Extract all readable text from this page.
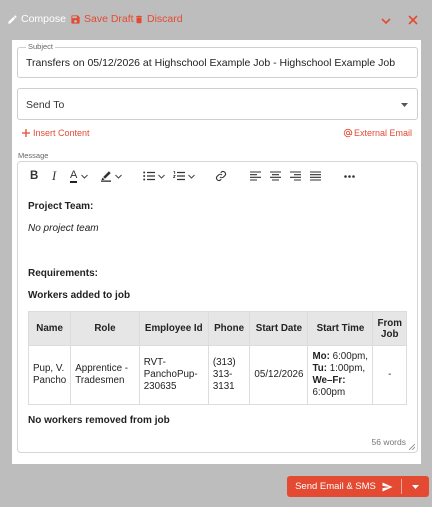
Compose Save Draft Discard
Subject
Transfers on 05/12/2026 at Highschool Example Job - Highschool Example Job
Send To
Insert Content	External Email
Message
B I A

Project Team:

No project team

Requirements:

Workers added to job

Name	Role	Employee Id	Phone	Start Date	Start Time	From Job
Pup, V. Pancho	Apprentice - Tradesmen	RVT-PanchoPup-230635	(313) 313-3131	05/12/2026	Mo: 6:00pm,
Tu: 1:00pm,
We–Fr:
6:00pm	-

No workers removed from job

56 words
Send Email & SMS
